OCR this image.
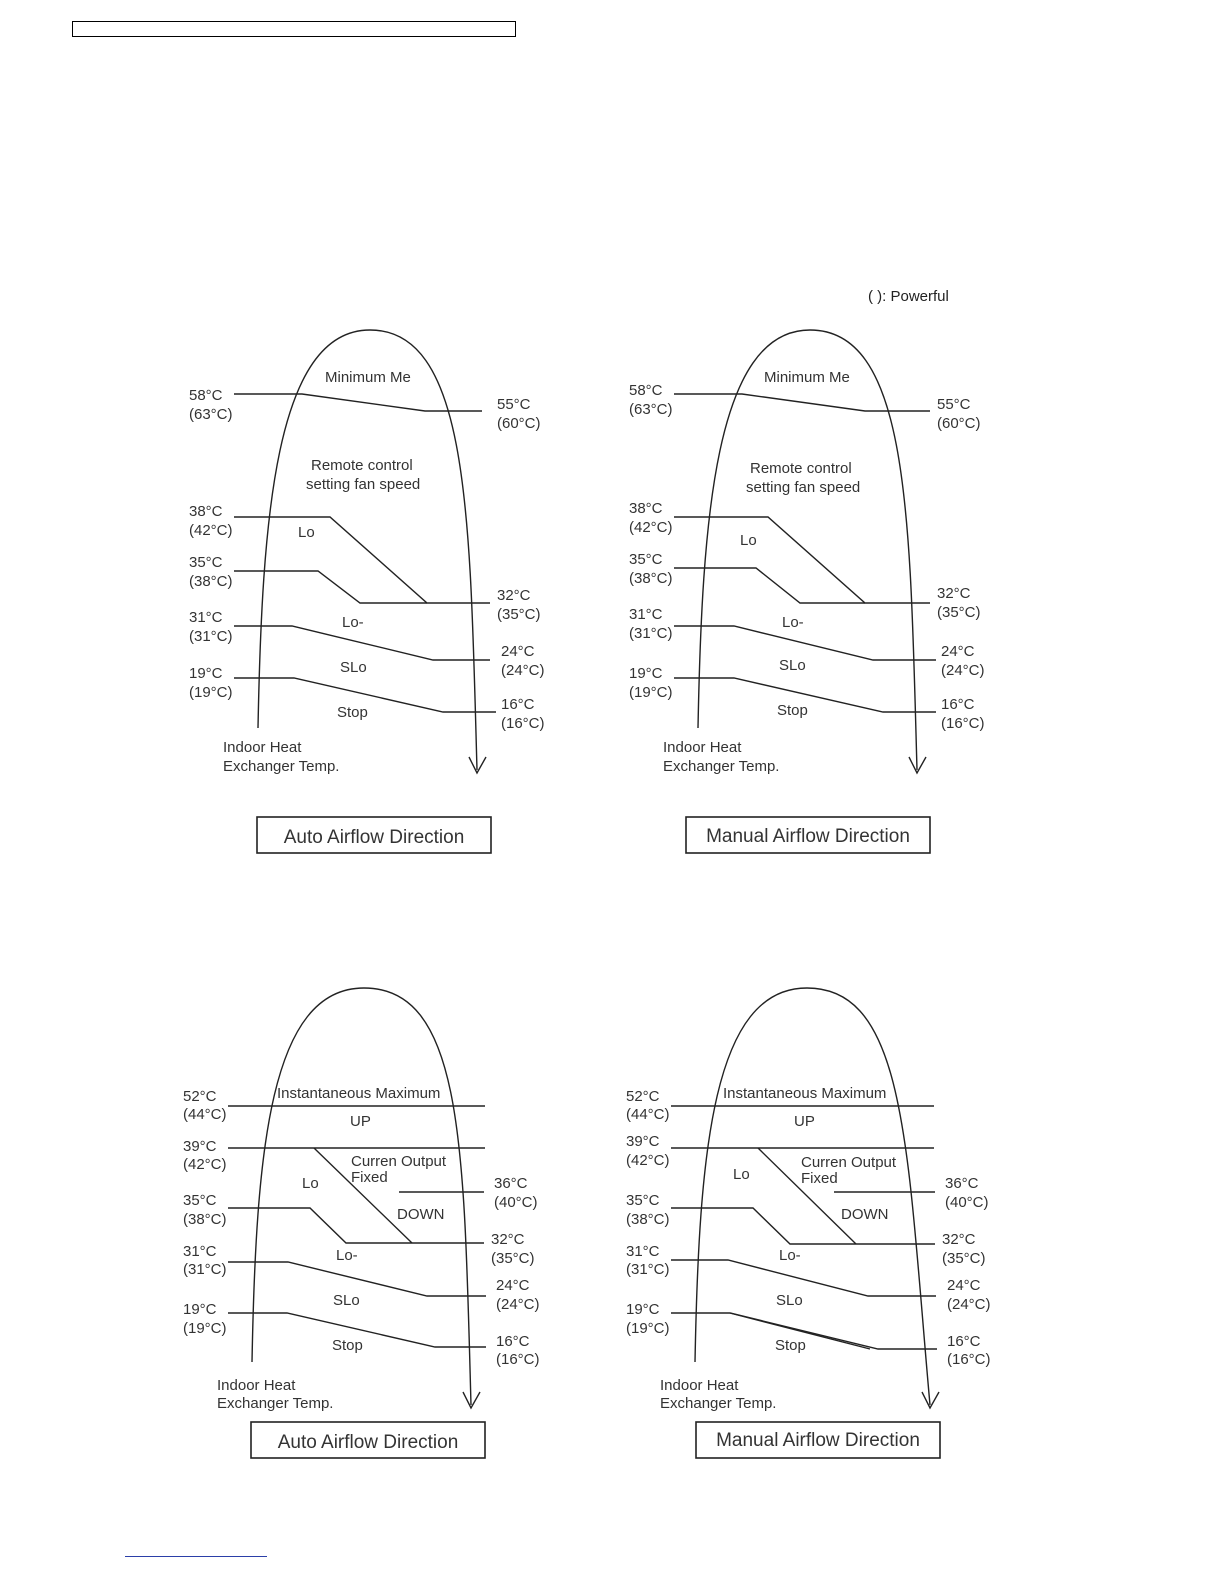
( ): Powerful
Minimum Me
Remote control
setting fan speed
Lo
Lo-
SLo
Stop
58°C
(63°C)
38°C
(42°C)
35°C
(38°C)
31°C
(31°C)
19°C
(19°C)
55°C
(60°C)
32°C
(35°C)
24°C
(24°C)
16°C
(16°C)
Indoor Heat
Exchanger Temp.
Auto Airflow Direction
Minimum Me
Remote control
setting fan speed
Lo
Lo-
SLo
Stop
58°C
(63°C)
38°C
(42°C)
35°C
(38°C)
31°C
(31°C)
19°C
(19°C)
55°C
(60°C)
32°C
(35°C)
24°C
(24°C)
16°C
(16°C)
Indoor Heat
Exchanger Temp.
Manual Airflow Direction
Instantaneous Maximum
UP
Curren Output
Fixed
Lo
DOWN
Lo-
SLo
Stop
52°C
(44°C)
39°C
(42°C)
35°C
(38°C)
31°C
(31°C)
19°C
(19°C)
36°C
(40°C)
32°C
(35°C)
24°C
(24°C)
16°C
(16°C)
Indoor Heat
Exchanger Temp.
Auto Airflow Direction
Instantaneous Maximum
UP
Curren Output
Fixed
Lo
DOWN
Lo-
SLo
Stop
52°C
(44°C)
39°C
(42°C)
35°C
(38°C)
31°C
(31°C)
19°C
(19°C)
36°C
(40°C)
32°C
(35°C)
24°C
(24°C)
16°C
(16°C)
Indoor Heat
Exchanger Temp.
Manual Airflow Direction
